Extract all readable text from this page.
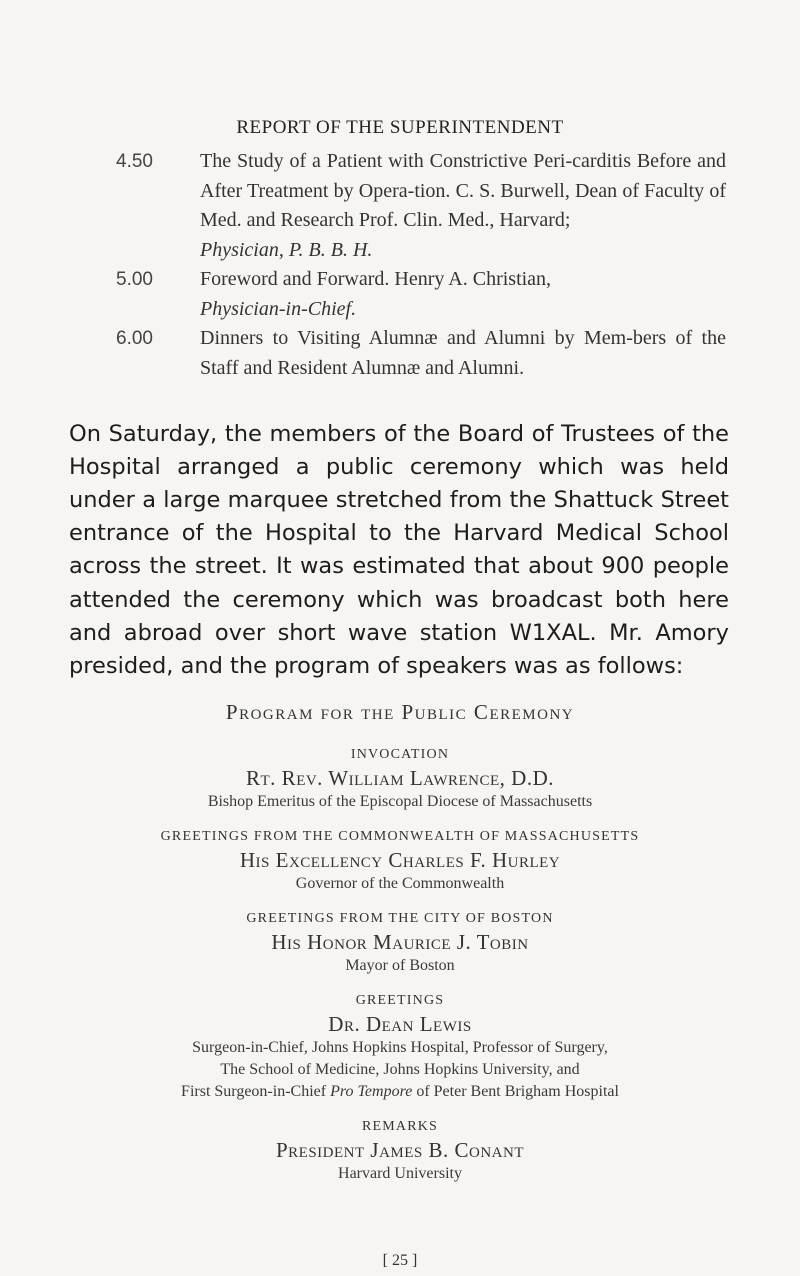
REPORT OF THE SUPERINTENDENT
4.50	The Study of a Patient with Constrictive Peri-carditis Before and After Treatment by Opera-tion. C. S. Burwell, Dean of Faculty of Med. and Research Prof. Clin. Med., Harvard;
Physician, P. B. B. H.
5.00	Foreword and Forward. Henry A. Christian,
Physician-in-Chief.
6.00	Dinners to Visiting Alumnæ and Alumni by Mem-bers of the Staff and Resident Alumnæ and Alumni.

On Saturday, the members of the Board of Trustees of the Hospital arranged a public ceremony which was held under a large marquee stretched from the Shattuck Street entrance of the Hospital to the Harvard Medical School across the street. It was estimated that about 900 people attended the ceremony which was broadcast both here and abroad over short wave station W1XAL. Mr. Amory presided, and the program of speakers was as follows:

Program for the Public Ceremony
INVOCATION
Rt. Rev. William Lawrence, D.D.
Bishop Emeritus of the Episcopal Diocese of Massachusetts
GREETINGS FROM THE COMMONWEALTH OF MASSACHUSETTS
His Excellency Charles F. Hurley
Governor of the Commonwealth
GREETINGS FROM THE CITY OF BOSTON
His Honor Maurice J. Tobin
Mayor of Boston
GREETINGS
Dr. Dean Lewis
Surgeon-in-Chief, Johns Hopkins Hospital, Professor of Surgery,
The School of Medicine, Johns Hopkins University, and
First Surgeon-in-Chief Pro Tempore of Peter Bent Brigham Hospital
REMARKS
President James B. Conant
Harvard University
[ 25 ]
